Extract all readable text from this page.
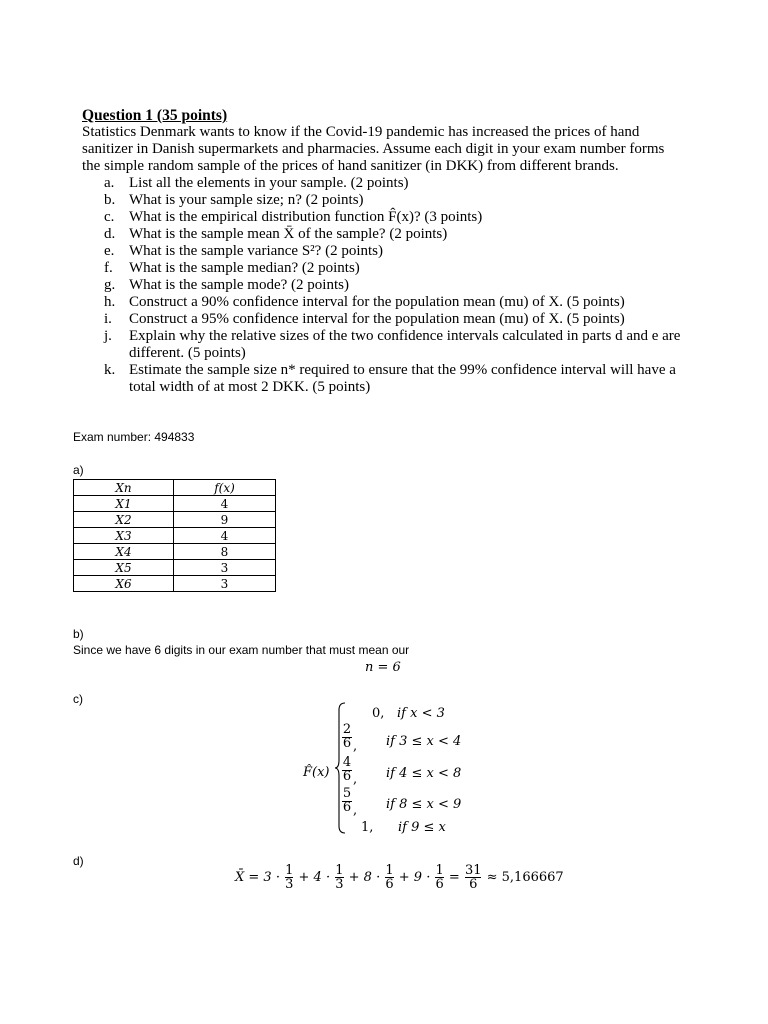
Question 1 (35 points)

Statistics Denmark wants to know if the Covid-19 pandemic has increased the prices of hand sanitizer in Danish supermarkets and pharmacies. Assume each digit in your exam number forms the simple random sample of the prices of hand sanitizer (in DKK) from different brands.

a. List all the elements in your sample. (2 points)
b. What is your sample size; n? (2 points)
c. What is the empirical distribution function F̂(x)? (3 points)
d. What is the sample mean X̄ of the sample? (2 points)
e. What is the sample variance S²? (2 points)
f.	What is the sample median? (2 points)
g. What is the sample mode? (2 points)
h. Construct a 90% confidence interval for the population mean (mu) of X. (5 points)
i.	Construct a 95% confidence interval for the population mean (mu) of X. (5 points)
j.	Explain why the relative sizes of the two confidence intervals calculated in parts d and e are different. (5 points)
k. Estimate the sample size n* required to ensure that the 99% confidence interval will have a total width of at most 2 DKK. (5 points)
Exam number: 494833
a)
Xn	f(x)
X1	4
X2	9
X3	4
X4	8
X5	3
X6	3
b)
Since we have 6 digits in our exam number that must mean our
n = 6
c)
F̂(x)
0, if x < 3
2
6 , if 3 ≤ x < 4
4
6 , if 4 ≤ x < 8
5
6 , if 8 ≤ x < 9
1, if 9 ≤ x
d)
X̄ = $3 \cdot \frac{1}{3} + 4 \cdot \frac{1}{3} + 8 \cdot \frac{1}{6} + 9 \cdot \frac{1}{6} = \frac{31}{6} \approx 5,166667$
